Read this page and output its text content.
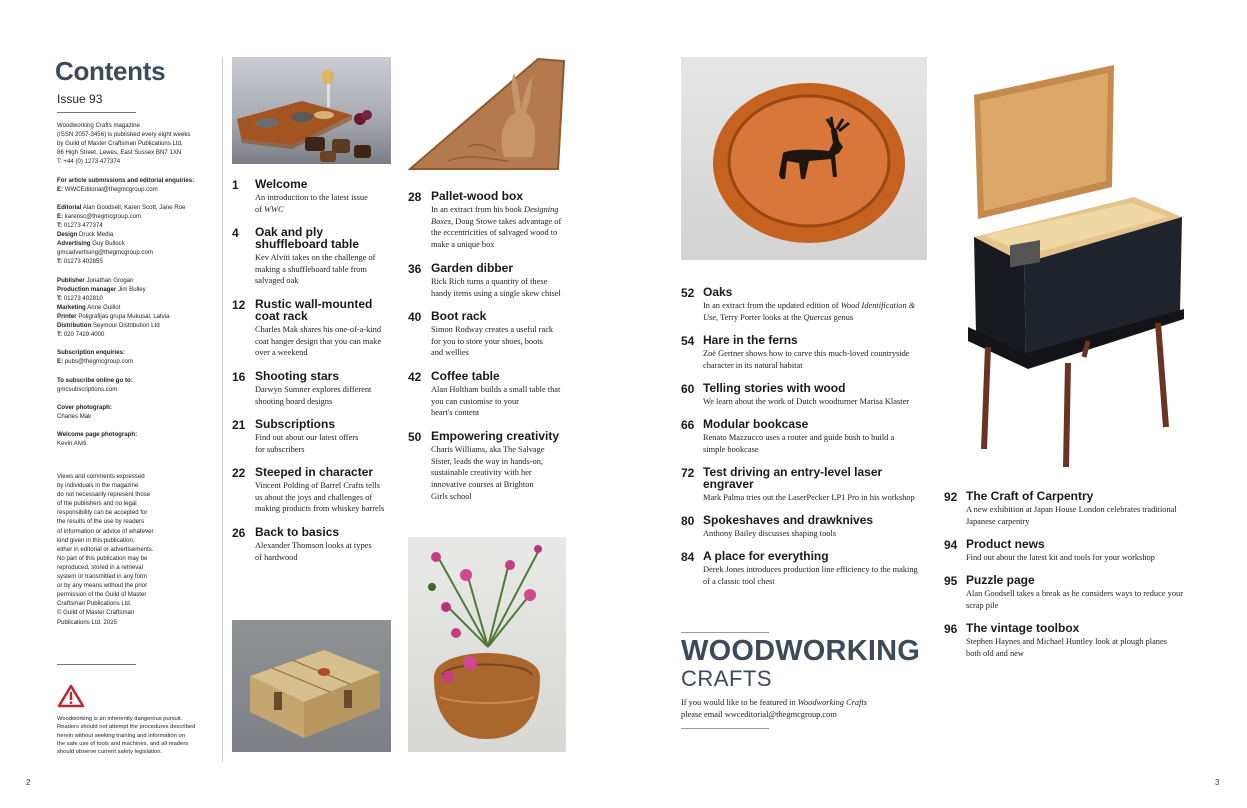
Contents
Issue 93
Woodworking Crafts magazine
(ISSN 2057-3456) is published every eight weeks
by Guild of Master Craftsman Publications Ltd,
86 High Street, Lewes, East Sussex BN7 1XN
T: +44 (0) 1273 477374
For article submissions and editorial enquiries:
E: WWCEditorial@thegmcgroup.com
Editorial Alan Goodsell, Karen Scott, Jane Roe
E: karensc@thegmcgroup.com
T: 01273 477374
Design Druck Media
Advertising Guy Bullock
gmcadvertising@thegmcgroup.com
T: 01273 402855
Publisher Jonathan Grogan
Production manager Jim Bulley
T: 01273 402810
Marketing Anne Guillot
Printer Poligrafijas grupa Mukusal, Latvia
Distribution Seymour Distribution Ltd
T: 020 7429 4000
Subscription enquiries:
E: pubs@thegmcgroup.com
To subscribe online go to:
gmcsubscriptions.com
Cover photograph:
Charles Mak
Welcome page photograph:
Kevin Alviti
Views and comments expressed
by individuals in the magazine
do not necessarily represent those
of the publishers and no legal
responsibility can be accepted for
the results of the use by readers
of information or advice of whatever
kind given in this publication,
either in editorial or advertisements.
No part of this publication may be
reproduced, stored in a retrieval
system or transmitted in any form
or by any means without the prior
permission of the Guild of Master
Craftsman Publications Ltd.
© Guild of Master Craftsman
Publications Ltd. 2025
Woodworking is an inherently dangerous pursuit.
Readers should not attempt the procedures described
herein without seeking training and information on
the safe use of tools and machines, and all readers
should observe current safety legislation.
2
1 Welcome
An introduction to the latest issue
of WWC
4 Oak and ply
shuffleboard table
Kev Alviti takes on the challenge of
making a shuffleboard table from
salvaged oak
12 Rustic wall-mounted
coat rack
Charles Mak shares his one-of-a-kind
coat hanger design that you can make
over a weekend
16 Shooting stars
Darwyn Sumner explores different
shooting board designs
21 Subscriptions
Find out about our latest offers
for subscribers
22 Steeped in character
Vincent Polding of Barrel Crafts tells
us about the joys and challenges of
making products from whiskey barrels
26 Back to basics
Alexander Thomson looks at types
of hardwood
28 Pallet-wood box
In an extract from his book Designing
Boxes, Doug Stowe takes advantage of
the eccentricities of salvaged wood to
make a unique box
36 Garden dibber
Rick Rich turns a quantity of these
handy items using a single skew chisel
40 Boot rack
Simon Rodway creates a useful rack
for you to store your shoes, boots
and wellies
42 Coffee table
Alan Holtham builds a small table that
you can customise to your
heart's content
50 Empowering creativity
Charis Williams, aka The Salvage
Sister, leads the way in hands-on,
sustainable creativity with her
innovative courses at Brighton
Girls school
52 Oaks
In an extract from the updated edition of Wood Identification &
Use, Terry Porter looks at the Quercus genus
54 Hare in the ferns
Zoë Gertner shows how to carve this much-loved countryside
character in its natural habitat
60 Telling stories with wood
We learn about the work of Dutch woodturner Marisa Klaster
66 Modular bookcase
Renato Mazzucco uses a router and guide bush to build a
simple bookcase
72 Test driving an entry-level laser
engraver
Mark Palma tries out the LaserPecker LP1 Pro in his workshop
80 Spokeshaves and drawknives
Anthony Bailey discusses shaping tools
84 A place for everything
Derek Jones introduces production line efficiency to the making
of a classic tool chest
92 The Craft of Carpentry
A new exhibition at Japan House London celebrates traditional
Japanese carpentry
94 Product news
Find out about the latest kit and tools for your workshop
95 Puzzle page
Alan Goodsell takes a break as he considers ways to reduce your
scrap pile
96 The vintage toolbox
Stephen Haynes and Michael Huntley look at plough planes
both old and new
WOODWORKING
CRAFTS
If you would like to be featured in Woodworking Crafts
please email wwceditorial@thegmcgroup.com
3
